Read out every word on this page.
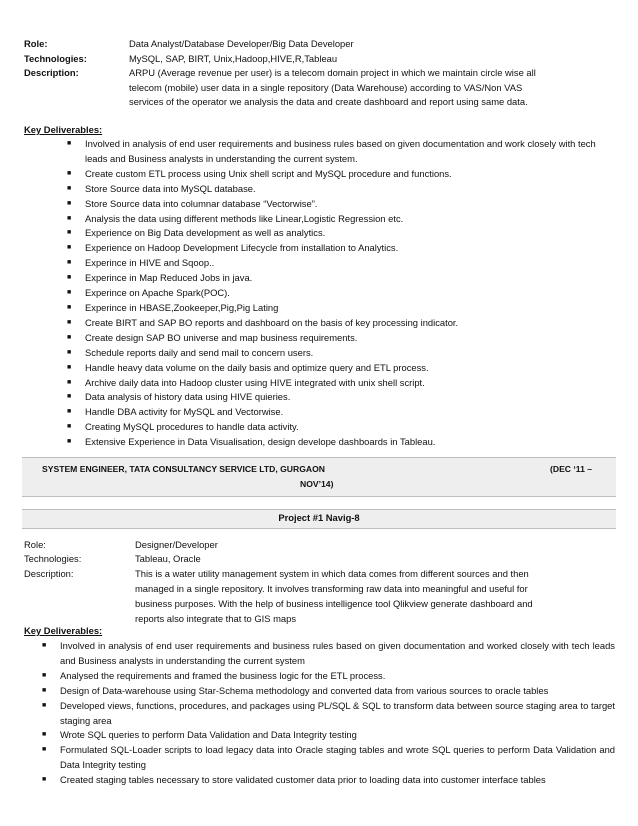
Role:	Data Analyst/Database Developer/Big Data Developer
Technologies:	MySQL, SAP, BIRT, Unix,Hadoop,HIVE,R,Tableau
Description:	ARPU (Average revenue per user) is a telecom domain project in which we maintain circle wise all
telecom (mobile) user data in a single repository (Data Warehouse) according to VAS/Non VAS
services of the operator we analysis the data and create dashboard and report using same data.
Key Deliverables:
■ Involved in analysis of end user requirements and business rules based on given documentation and work closely with tech leads and Business analysts in understanding the current system.
■ Create custom ETL process using Unix shell script and MySQL procedure and functions.
■ Store Source data into MySQL database.
■ Store Source data into columnar database “Vectorwise”.
■ Analysis the data using different methods like Linear,Logistic Regression etc.
■ Experience on Big Data development as well as analytics.
■ Experience on Hadoop Development Lifecycle from installation to Analytics.
■ Experince in HIVE and Sqoop..
■ Experince in Map Reduced Jobs in java.
■ Experince on Apache Spark(POC).
■ Experince in HBASE,Zookeeper,Pig,Pig Lating
■ Create BIRT and SAP BO reports and dashboard on the basis of key processing indicator.
■ Create design SAP BO universe and map business requirements.
■ Schedule reports daily and send mail to concern users.
■ Handle heavy data volume on the daily basis and optimize query and ETL process.
■ Archive daily data into Hadoop cluster using HIVE integrated with unix shell script.
■ Data analysis of history data using HIVE quieries.
■ Handle DBA activity for MySQL and Vectorwise.
■ Creating MySQL procedures to handle data activity.
■ Extensive Experience in Data Visualisation, design develope dashboards in Tableau.
SYSTEM ENGINEER, TATA CONSULTANCY SERVICE LTD, GURGAON	(DEC ‘11 –
NOV’14)
Project #1 Navig-8
Role:	Designer/Developer
Technologies:	Tableau, Oracle
Description:	This is a water utility management system in which data comes from different sources and then
managed in a single repository. It involves transforming raw data into meaningful and useful for
business purposes. With the help of business intelligence tool Qlikview generate dashboard and
reports also integrate that to GIS maps
Key Deliverables:
■ Involved in analysis of end user requirements and business rules based on given documentation and worked closely with tech leads and Business analysts in understanding the current system
■ Analysed the requirements and framed the business logic for the ETL process.
■ Design of Data-warehouse using Star-Schema methodology and converted data from various sources to oracle tables
■ Developed views, functions, procedures, and packages using PL/SQL & SQL to transform data between source staging area to target staging area
■ Wrote SQL queries to perform Data Validation and Data Integrity testing
■ Formulated SQL-Loader scripts to load legacy data into Oracle staging tables and wrote SQL queries to perform Data Validation and Data Integrity testing
■ Created staging tables necessary to store validated customer data prior to loading data into customer interface tables
